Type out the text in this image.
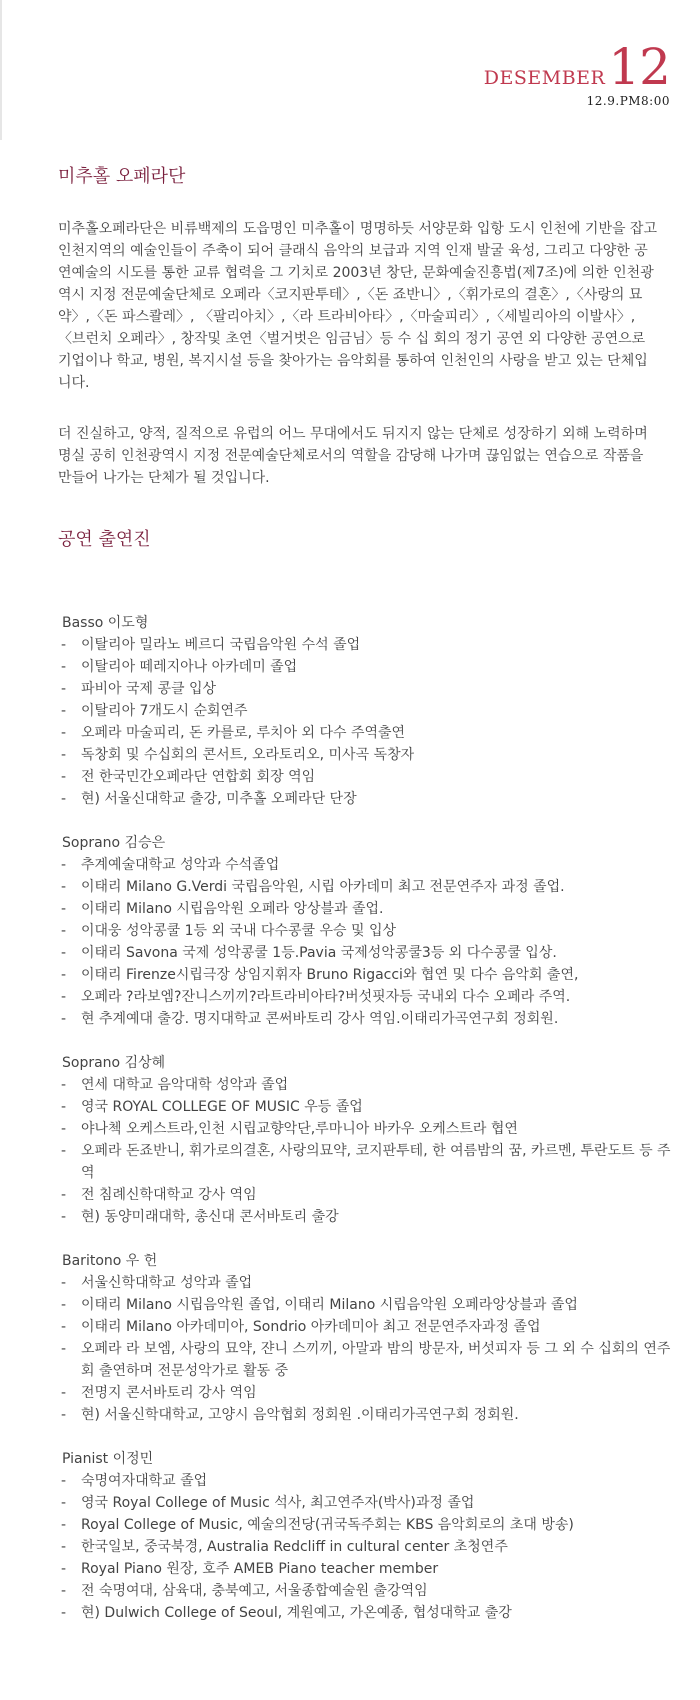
DESEMBER 12
12.9.PM8:00
미추홀 오페라단

미추홀오페라단은 비류백제의 도읍명인 미추홀이 명명하듯 서양문화 입항 도시 인천에 기반을 잡고 인천지역의 예술인들이 주축이 되어 클래식 음악의 보급과 지역 인재 발굴 육성, 그리고 다양한 공연예술의 시도를 통한 교류 협력을 그 기치로 2003년 창단, 문화예술진흥법(제7조)에 의한 인천광역시 지정 전문예술단체로 오페라〈코지판투테〉,〈돈 죠반니〉,〈휘가로의 결혼〉,〈사랑의 묘약〉,〈돈 파스콸레〉, 〈팔리아치〉,〈라 트라비아타〉,〈마술피리〉,〈세빌리아의 이발사〉, 〈브런치 오페라〉, 창작및 초연〈벌거벗은 임금님〉등 수 십 회의 정기 공연 외 다양한 공연으로 기업이나 학교, 병원, 복지시설 등을 찾아가는 음악회를 통하여 인천인의 사랑을 받고 있는 단체입니다.

더 진실하고, 양적, 질적으로 유럽의 어느 무대에서도 뒤지지 않는 단체로 성장하기 외해 노력하며 명실 공히 인천광역시 지정 전문예술단체로서의 역할을 감당해 나가며 끊임없는 연습으로 작품을 만들어 나가는 단체가 될 것입니다.

공연 출연진
Basso 이도형
-	이탈리아 밀라노 베르디 국립음악원 수석 졸업
-	이탈리아 떼레지아나 아카데미 졸업
-	파비아 국제 콩클 입상
-	이탈리아 7개도시 순회연주
-	오페라 마술피리, 돈 카를로, 루치아 외 다수 주역출연
-	독창회 및 수십회의 콘서트, 오라토리오, 미사곡 독창자
-	전 한국민간오페라단 연합회 회장 역임
-	현) 서울신대학교 출강, 미추홀 오페라단 단장
Soprano 김승은
-	추계예술대학교 성악과 수석졸업
-	이태리 Milano G.Verdi 국립음악원, 시립 아카데미 최고 전문연주자 과정 졸업.
-	이태리 Milano 시립음악원 오페라 앙상블과 졸업.
-	이대웅 성악콩쿨 1등 외 국내 다수콩쿨 우승 및 입상
-	이태리 Savona 국제 성악콩쿨 1등.Pavia 국제성악콩쿨3등 외 다수콩쿨 입상.
-	이태리 Firenze시립극장 상임지휘자 Bruno Rigacci와 협연 및 다수 음악회 출연,
-	오페라 ?라보엠?잔니스끼끼?라트라비아타?버섯핏자등 국내외 다수 오페라 주역.
-	현 추계예대 출강. 명지대학교 콘써바토리 강사 역임.이태리가곡연구회 정회원.
Soprano 김상혜
-	연세 대학교 음악대학 성악과 졸업
-	영국 ROYAL COLLEGE OF MUSIC 우등 졸업
-	야나첵 오케스트라,인천 시립교향악단,루마니아 바카우 오케스트라 협연
-	오페라 돈죠반니, 휘가로의결혼, 사랑의묘약, 코지판투테, 한 여름밤의 꿈, 카르멘, 투란도트 등 주역
-	전 침례신학대학교 강사 역임
-	현) 동양미래대학, 총신대 콘서바토리 출강
Baritono 우 헌
-	서울신학대학교 성악과 졸업
-	이태리 Milano 시립음악원 졸업, 이태리 Milano 시립음악원 오페라앙상블과 졸업
-	이태리 Milano 아카데미아, Sondrio 아카데미아 최고 전문연주자과정 졸업
-	오페라 라 보엠, 사랑의 묘약, 쟌니 스끼끼, 아말과 밤의 방문자, 버섯피자 등 그 외 수 십회의 연주회 출연하며 전문성악가로 활동 중
-	전명지 콘서바토리 강사 역임
-	현) 서울신학대학교, 고양시 음악협회 정회원 .이태리가곡연구회 정회원.
Pianist 이정민
-	숙명여자대학교 졸업
-	영국 Royal College of Music 석사, 최고연주자(박사)과정 졸업
-	Royal College of Music, 예술의전당(귀국독주회는 KBS 음악회로의 초대 방송)
-	한국일보, 중국북경, Australia Redcliff in cultural center 초청연주
-	Royal Piano 원장, 호주 AMEB Piano teacher member
-	전 숙명여대, 삼육대, 충북예고, 서울종합예술원 출강역임
-	현) Dulwich College of Seoul, 계원예고, 가온예종, 협성대학교 출강
